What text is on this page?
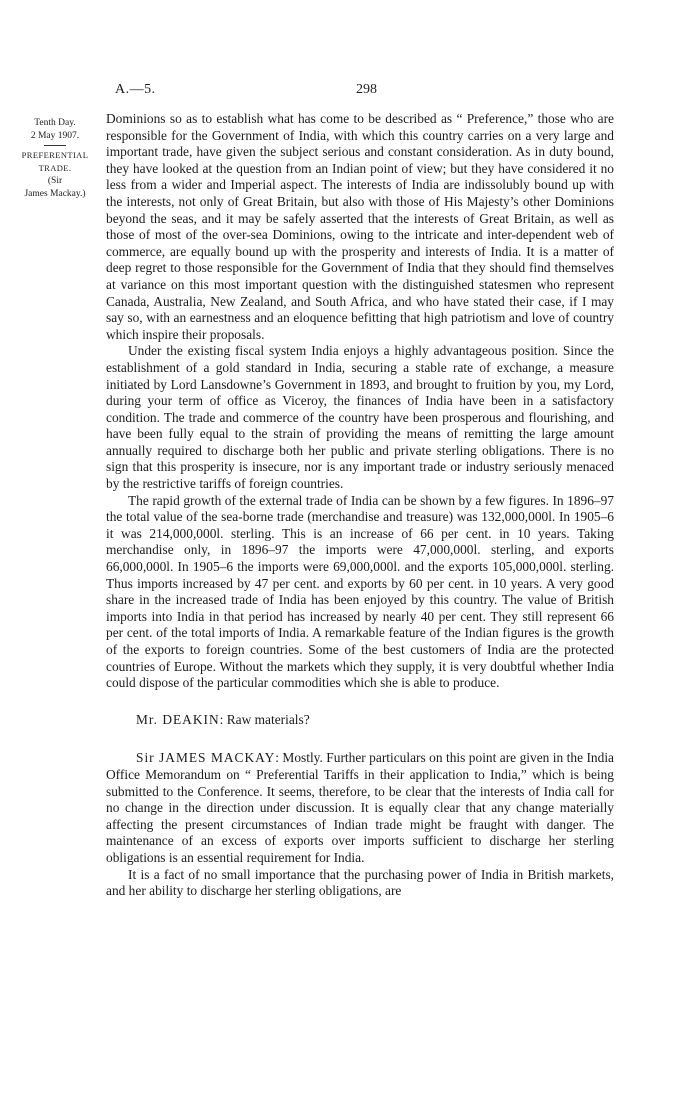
A.—5.	298
Tenth Day.
2 May 1907.
PREFERENTIAL
TRADE.
(Sir
James Mackay.)

Dominions so as to establish what has come to be described as “ Preference,” those who are responsible for the Government of India, with which this country carries on a very large and important trade, have given the subject serious and constant consideration. As in duty bound, they have looked at the question from an Indian point of view; but they have considered it no less from a wider and Imperial aspect. The interests of India are indissolubly bound up with the interests, not only of Great Britain, but also with those of His Majesty’s other Dominions beyond the seas, and it may be safely asserted that the interests of Great Britain, as well as those of most of the over-sea Dominions, owing to the intricate and inter-dependent web of commerce, are equally bound up with the prosperity and interests of India. It is a matter of deep regret to those responsible for the Government of India that they should find themselves at variance on this most important question with the distinguished statesmen who represent Canada, Australia, New Zealand, and South Africa, and who have stated their case, if I may say so, with an earnestness and an eloquence befitting that high patriotism and love of country which inspire their proposals.

Under the existing fiscal system India enjoys a highly advantageous position. Since the establishment of a gold standard in India, securing a stable rate of exchange, a measure initiated by Lord Lansdowne’s Government in 1893, and brought to fruition by you, my Lord, during your term of office as Viceroy, the finances of India have been in a satisfactory condition. The trade and commerce of the country have been prosperous and flourishing, and have been fully equal to the strain of providing the means of remitting the large amount annually required to discharge both her public and private sterling obligations. There is no sign that this prosperity is insecure, nor is any important trade or industry seriously menaced by the restrictive tariffs of foreign countries.

The rapid growth of the external trade of India can be shown by a few figures. In 1896–97 the total value of the sea-borne trade (merchandise and treasure) was 132,000,000l. In 1905–6 it was 214,000,000l. sterling. This is an increase of 66 per cent. in 10 years. Taking merchandise only, in 1896–97 the imports were 47,000,000l. sterling, and exports 66,000,000l. In 1905–6 the imports were 69,000,000l. and the exports 105,000,000l. sterling. Thus imports increased by 47 per cent. and exports by 60 per cent. in 10 years. A very good share in the increased trade of India has been enjoyed by this country. The value of British imports into India in that period has increased by nearly 40 per cent. They still represent 66 per cent. of the total imports of India. A remarkable feature of the Indian figures is the growth of the exports to foreign countries. Some of the best customers of India are the protected countries of Europe. Without the markets which they supply, it is very doubtful whether India could dispose of the particular commodities which she is able to produce.

Mr. DEAKIN: Raw materials?

Sir JAMES MACKAY: Mostly. Further particulars on this point are given in the India Office Memorandum on “ Preferential Tariffs in their application to India,” which is being submitted to the Conference. It seems, therefore, to be clear that the interests of India call for no change in the direction under discussion. It is equally clear that any change materially affecting the present circumstances of Indian trade might be fraught with danger. The maintenance of an excess of exports over imports sufficient to discharge her sterling obligations is an essential requirement for India.

It is a fact of no small importance that the purchasing power of India in British markets, and her ability to discharge her sterling obligations, are
